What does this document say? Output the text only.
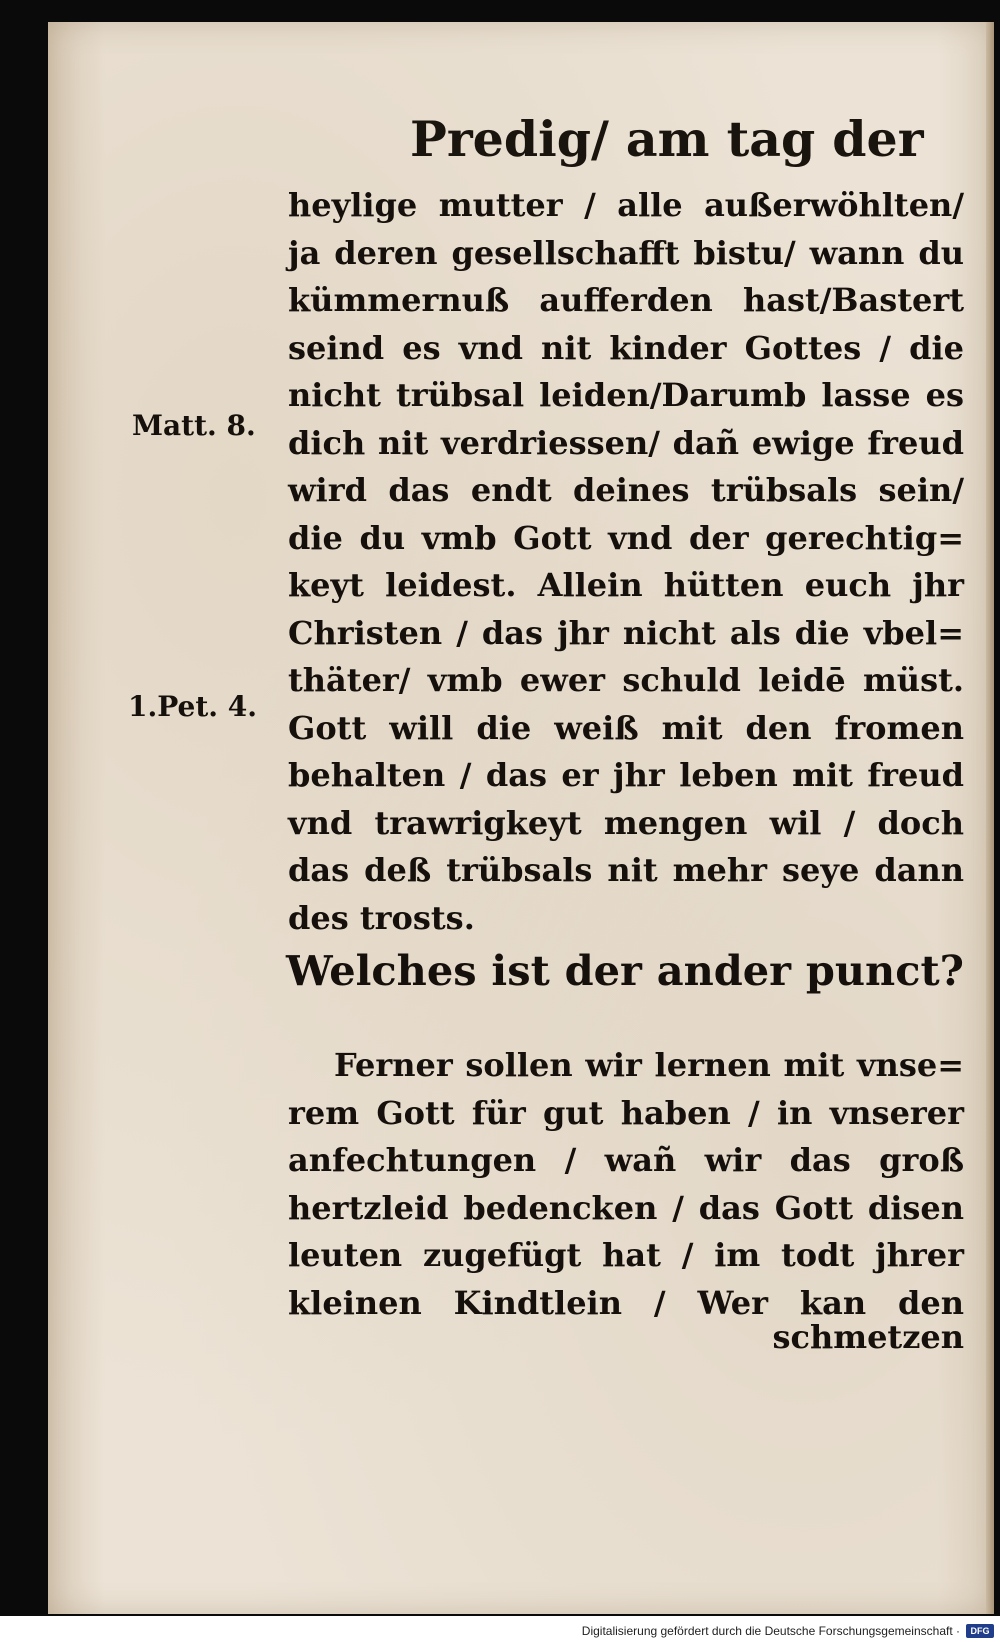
Predig/ am tag der
Matt. 8.
1.Pet. 4.
heylige mutter / alle außerwöhlten/
ja deren gesellschafft bistu/ wann du
kümmernuß aufferden hast/Bastert
seind es vnd nit kinder Gottes / die
nicht trübsal leiden/Darumb lasse es
dich nit verdriessen/ dañ ewige freud
wird das endt deines trübsals sein/
die du vmb Gott vnd der gerechtig=
keyt leidest. Allein hütten euch jhr
Christen / das jhr nicht als die vbel=
thäter/ vmb ewer schuld leidē müst.
Gott will die weiß mit den fromen
behalten / das er jhr leben mit freud
vnd trawrigkeyt mengen wil / doch
das deß trübsals nit mehr seye dann
des trosts.
Welches ist der ander punct?
Ferner sollen wir lernen mit vnse=
rem Gott für gut haben / in vnserer
anfechtungen / wañ wir das groß
hertzleid bedencken / das Gott disen
leuten zugefügt hat / im todt jhrer
kleinen Kindtlein / Wer kan den
schmetzen
Digitalisierung gefördert durch die Deutsche Forschungsgemeinschaft ·	DFG
